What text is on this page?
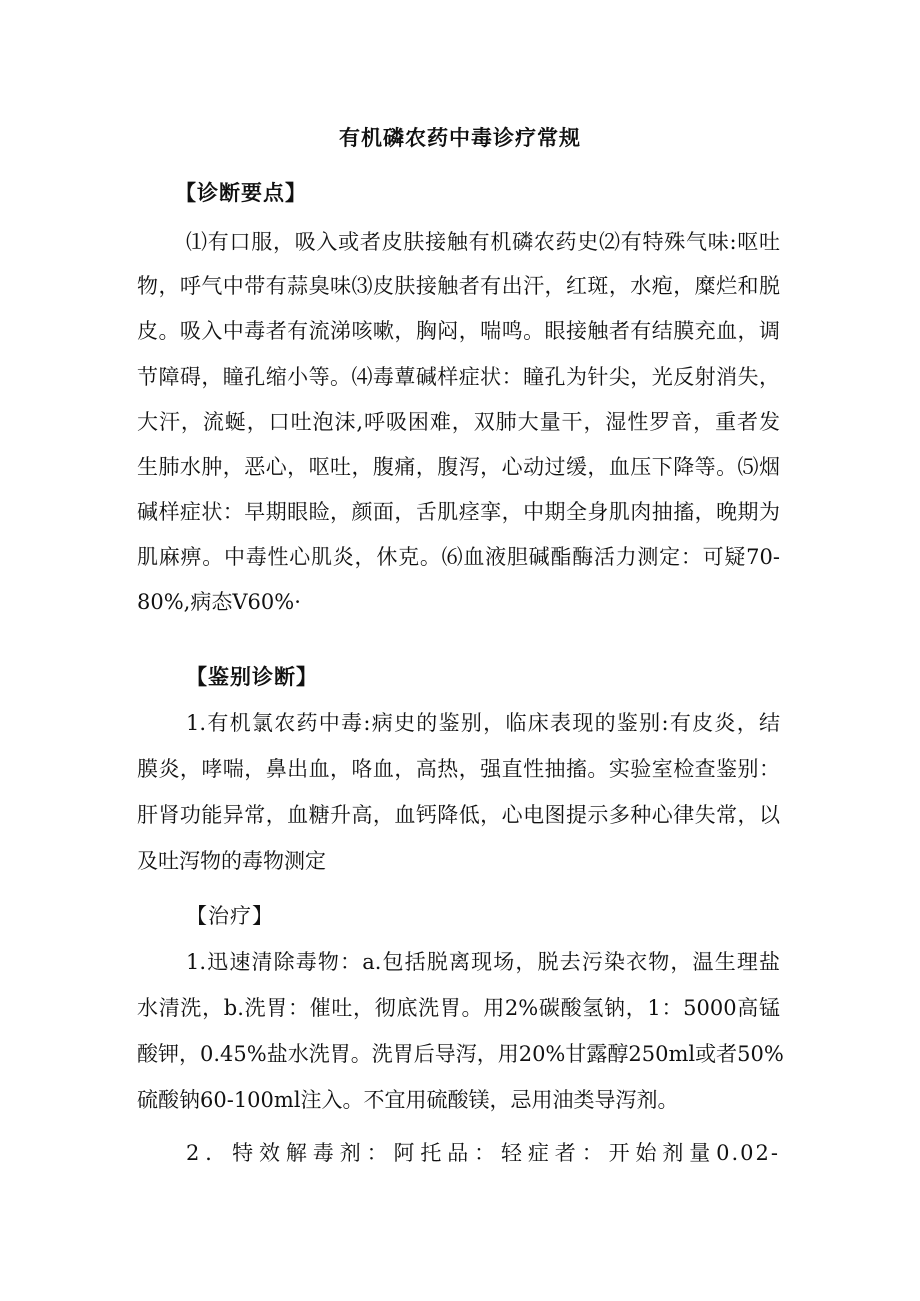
有机磷农药中毒诊疗常规
【诊断要点】
⑴有口服，吸入或者皮肤接触有机磷农药史⑵有特殊气味:呕吐
物，呼气中带有蒜臭味⑶皮肤接触者有出汗，红斑，水疱，糜烂和脱
皮。吸入中毒者有流涕咳嗽，胸闷，喘鸣。眼接触者有结膜充血，调
节障碍，瞳孔缩小等。⑷毒蕈碱样症状：瞳孔为针尖，光反射消失，
大汗，流蜒，口吐泡沫,呼吸困难，双肺大量干，湿性罗音，重者发
生肺水肿，恶心，呕吐，腹痛，腹泻，心动过缓，血压下降等。⑸烟
碱样症状：早期眼睑，颜面，舌肌痉挛，中期全身肌肉抽搐，晚期为
肌麻痹。中毒性心肌炎，休克。⑹血液胆碱酯酶活力测定：可疑70-
80%,病态V60%·
【鉴别诊断】
1.有机氯农药中毒:病史的鉴别，临床表现的鉴别:有皮炎，结
膜炎，哮喘，鼻出血，咯血，高热，强直性抽搐。实验室检查鉴别：
肝肾功能异常，血糖升高，血钙降低，心电图提示多种心律失常，以
及吐泻物的毒物测定
【治疗】
1.迅速清除毒物：a.包括脱离现场，脱去污染衣物，温生理盐
水清洗，b.洗胃：催吐，彻底洗胃。用2%碳酸氢钠，1：5000高锰
酸钾，0.45%盐水洗胃。洗胃后导泻，用20%甘露醇250ml或者50%
硫酸钠60-100ml注入。不宜用硫酸镁，忌用油类导泻剂。
2．特效解毒剂：阿托品：轻症者：开始剂量0.02-
